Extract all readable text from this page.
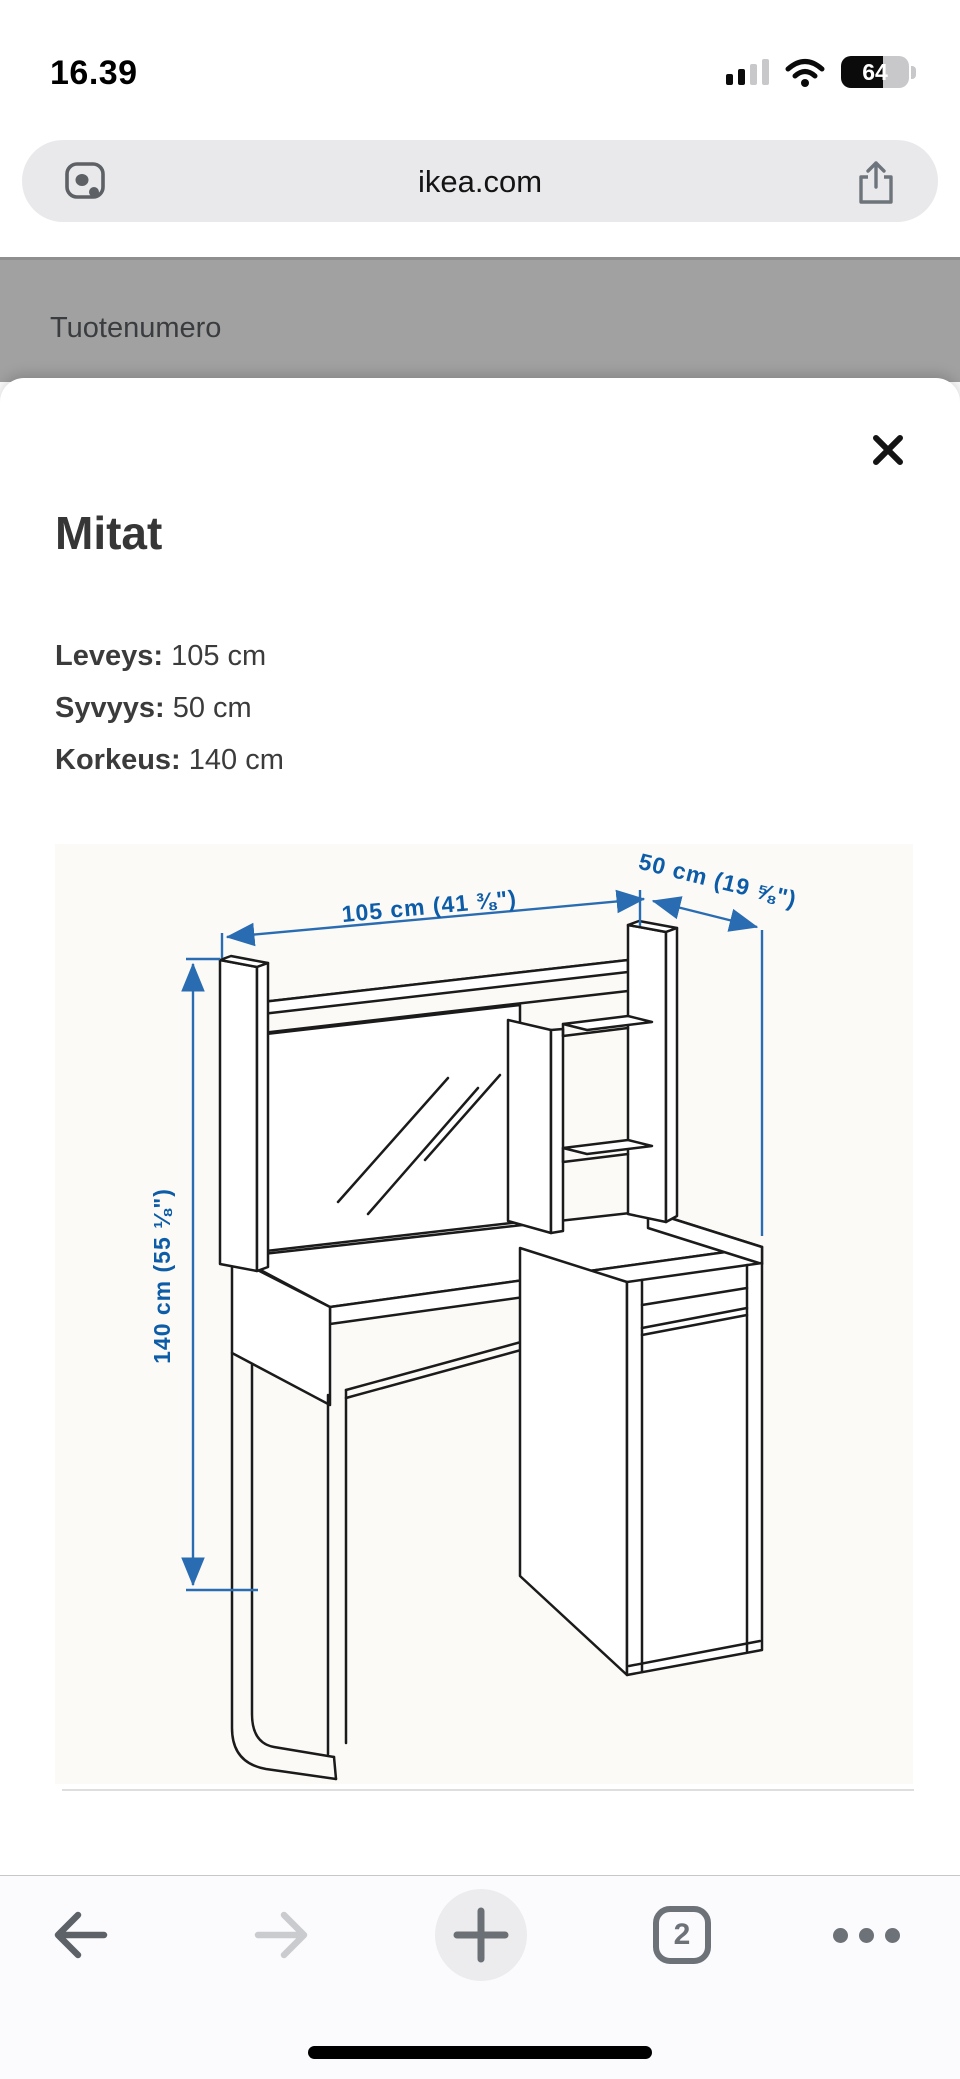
16.39	64
ikea.com
Tuotenumero
Mitat
Leveys: 105 cm
Syvyys: 50 cm
Korkeus: 140 cm
105 cm (41 ⅜")	50 cm (19 ⅝")
140 cm (55 ⅛")
2
